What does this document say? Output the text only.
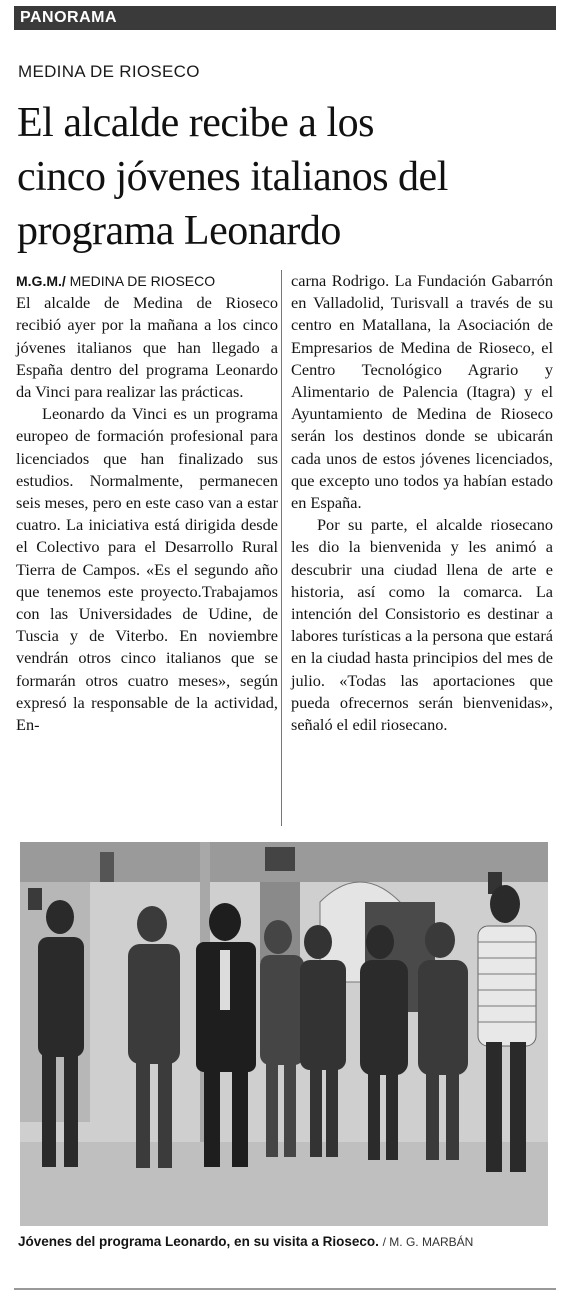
PANORAMA
MEDINA DE RIOSECO
El alcalde recibe a los
cinco jóvenes italianos del
programa Leonardo
M.G.M./ MEDINA DE RIOSECO

El alcalde de Medina de Rioseco recibió ayer por la mañana a los cinco jóvenes italianos que han llegado a España dentro del programa Leonardo da Vinci para realizar las prácticas.

Leonardo da Vinci es un programa europeo de formación profesional para licenciados que han finalizado sus estudios. Normalmente, permanecen seis meses, pero en este caso van a estar cuatro. La iniciativa está dirigida desde el Colectivo para el Desarrollo Rural Tierra de Campos. «Es el segundo año que tenemos este proyecto.Trabajamos con las Universidades de Udine, de Tuscia y de Viterbo. En noviembre vendrán otros cinco italianos que se formarán otros cuatro meses», según expresó la responsable de la actividad, En-

carna Rodrigo. La Fundación Gabarrón en Valladolid, Turisvall a través de su centro en Matallana, la Asociación de Empresarios de Medina de Rioseco, el Centro Tecnológico Agrario y Alimentario de Palencia (Itagra) y el Ayuntamiento de Medina de Rioseco serán los destinos donde se ubicarán cada unos de estos jóvenes licenciados, que excepto uno todos ya habían estado en España.

Por su parte, el alcalde riosecano les dio la bienvenida y les animó a descubrir una ciudad llena de arte e historia, así como la comarca. La intención del Consistorio es destinar a labores turísticas a la persona que estará en la ciudad hasta principios del mes de julio. «Todas las aportaciones que pueda ofrecernos serán bienvenidas», señaló el edil riosecano.

Jóvenes del programa Leonardo, en su visita a Rioseco. / M. G. MARBÁN
